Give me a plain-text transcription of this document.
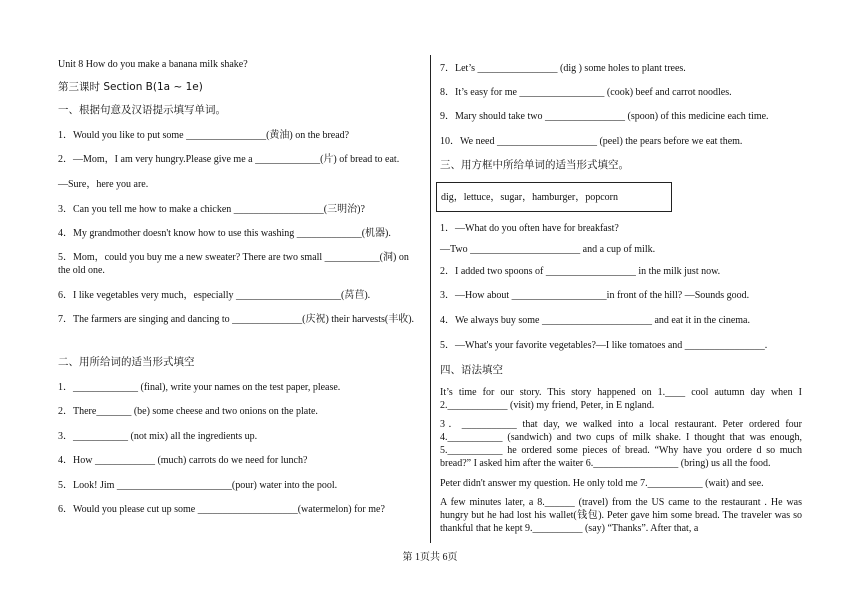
Unit 8 How do you make a banana milk shake?
第三课时 Section B(1a ~ 1e)
一、根据句意及汉语提示填写单词。
1．Would you like to put some ________________(黄油) on the bread?
2．—Mom，I am very hungry.Please give me a _____________(片) of bread to eat.
—Sure，here you are.
3．Can you tell me how to make a chicken __________________(三明治)?
4．My grandmother doesn't know how to use this washing _____________(机器).
5．Mom，could you buy me a new sweater? There are two small ___________(洞) on the old one.
6．I like vegetables very much，especially _____________________(莴苣).
7．The farmers are singing and dancing to ______________(庆祝) their harvests(丰收).
二、用所给词的适当形式填空
1．_____________ (final), write your names on the test paper, please.
2．There_______ (be) some cheese and two onions on the plate.
3．___________ (not mix) all the ingredients up.
4．How ____________ (much) carrots do we need for lunch?
5．Look! Jim _______________________(pour) water into the pool.
6．Would you please cut up some ____________________(watermelon) for me?
7．Let’s ________________ (dig ) some holes to plant trees.
8．It’s easy for me _________________ (cook) beef and carrot noodles.
9．Mary should take two ________________ (spoon) of this medicine each time.
10．We need ____________________ (peel) the pears before we eat them.
三、用方框中所给单词的适当形式填空。
dig，lettuce，sugar，hamburger，popcorn
1．—What do you often have for breakfast?
—Two ______________________ and a cup of milk.
2．I added two spoons of __________________ in the milk just now.
3．—How about ___________________in front of the hill? —Sounds good.
4．We always buy some ______________________ and eat it in the cinema.
5．—What's your favorite vegetables?—I like tomatoes and ________________.
四、语法填空
It’s time for our story. This story happened on 1.____ cool autumn day when I 2.____________ (visit) my friend, Peter, in E ngland.
3．___________ that day, we walked into a local restaurant. Peter ordered four 4.___________ (sandwich) and two cups of milk shake. I thought that was enough, 5.___________ he ordered some pieces of bread. “Why have you ordere d so much bread?” I asked him after the waiter 6._________________ (bring) us all the food.
Peter didn't answer my question. He only told me 7.___________ (wait) and see.
A few minutes later, a 8.______ (travel) from the US came to the restaurant . He was hungry but he had lost his wallet(钱包). Peter gave him some bread. The traveler was so thankful that he kept 9.__________ (say) “Thanks”. After that, a
第 1页共 6页
